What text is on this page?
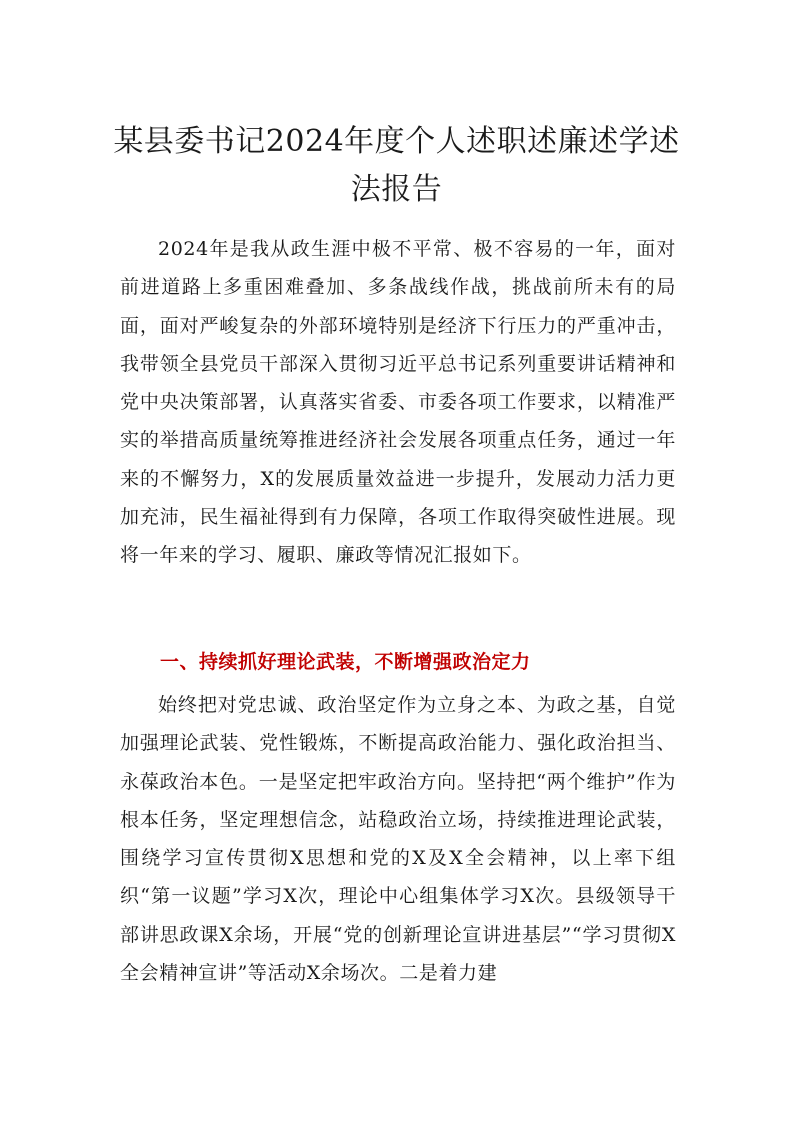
某县委书记2024年度个人述职述廉述学述法报告

2024年是我从政生涯中极不平常、极不容易的一年，面对前进道路上多重困难叠加、多条战线作战，挑战前所未有的局面，面对严峻复杂的外部环境特别是经济下行压力的严重冲击，我带领全县党员干部深入贯彻习近平总书记系列重要讲话精神和党中央决策部署，认真落实省委、市委各项工作要求，以精准严实的举措高质量统筹推进经济社会发展各项重点任务，通过一年来的不懈努力，X的发展质量效益进一步提升，发展动力活力更加充沛，民生福祉得到有力保障，各项工作取得突破性进展。现将一年来的学习、履职、廉政等情况汇报如下。

一、持续抓好理论武装，不断增强政治定力

始终把对党忠诚、政治坚定作为立身之本、为政之基，自觉加强理论武装、党性锻炼，不断提高政治能力、强化政治担当、永葆政治本色。一是坚定把牢政治方向。坚持把“两个维护”作为根本任务，坚定理想信念，站稳政治立场，持续推进理论武装，围绕学习宣传贯彻X思想和党的X及X全会精神，以上率下组织“第一议题”学习X次，理论中心组集体学习X次。县级领导干部讲思政课X余场，开展“党的创新理论宣讲进基层”“学习贯彻X全会精神宣讲”等活动X余场次。二是着力建
